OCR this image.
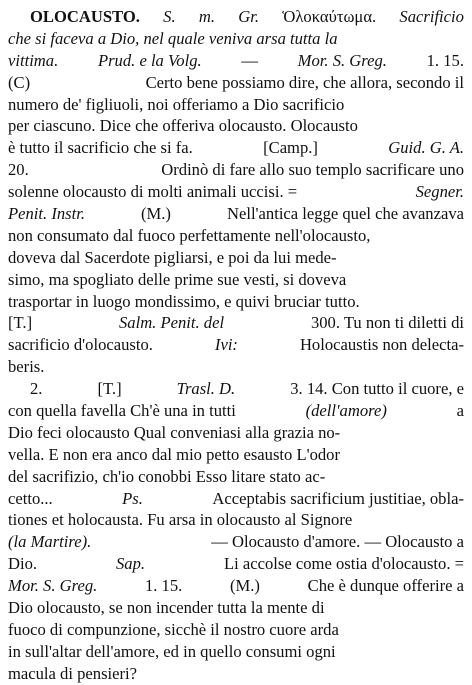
OLOCAUSTO. S. m. Gr. Ὁλοκαύτωμα. Sacrificio
che si faceva a Dio, nel quale veniva arsa tutta la
vittima. Prud. e la Volg. — Mor. S. Greg. 1. 15.
(C)	Certo bene possiamo dire, che allora, secondo il
numero de' figliuoli, noi offeriamo a Dio sacrificio
per ciascuno. Dice che offeriva olocausto. Olocausto
è tutto il sacrificio che si fa.	[Camp.]	Guid. G. A.
20.	Ordinò di fare allo suo templo sacrificare uno
solenne olocausto di molti animali uccisi. =	Segner.
Penit. Instr.	(M.)	Nell'antica legge quel che avanzava
non consumato dal fuoco perfettamente nell'olocausto,
doveva dal Sacerdote pigliarsi, e poi da lui mede-
simo, ma spogliato delle prime sue vesti, si doveva
trasportar in luogo mondissimo, e quivi bruciar tutto.
[T.]	Salm. Penit. del	300. Tu non ti diletti di
sacrificio d'olocausto.	Ivi:	Holocaustis non delecta-
beris.
2.	[T.]	Trasl. D.	3. 14. Con tutto il cuore, e
con quella favella Ch'è una in tutti	(dell'amore)	a
Dio feci olocausto Qual conveniasi alla grazia no-
vella. E non era anco dal mio petto esausto L'odor
del sacrifizio, ch'io conobbi Esso litare stato ac-
cetto...	Ps.	Acceptabis sacrificium justitiae, obla-
tiones et holocausta. Fu arsa in olocausto al Signore
(la Martire).	— Olocausto d'amore. — Olocausto a
Dio.	Sap.	Li accolse come ostia d'olocausto. =
Mor. S. Greg.	1. 15.	(M.)	Che è dunque offerire a
Dio olocausto, se non incender tutta la mente di
fuoco di compunzione, sicchè il nostro cuore arda
in sull'altar dell'amore, ed in quello consumi ogni
macula di pensieri?
